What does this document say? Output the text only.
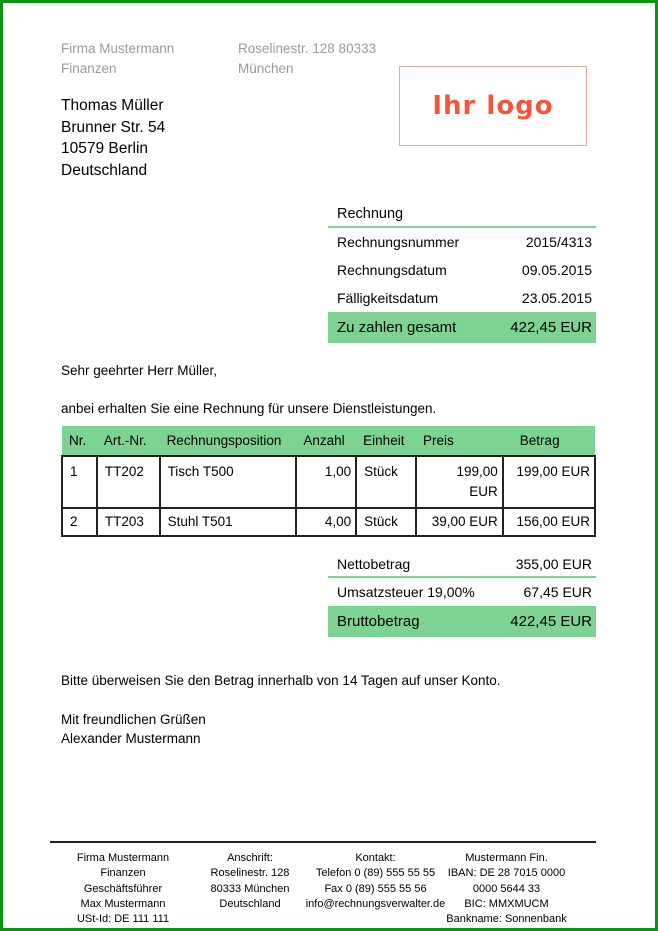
Firma Mustermann
Finanzen
Roselinestr. 128 80333
München
Ihr logo
Thomas Müller
Brunner Str. 54
10579 Berlin
Deutschland
Rechnung
Rechnungsnummer	2015/4313
Rechnungsdatum	09.05.2015
Fälligkeitsdatum	23.05.2015
Zu zahlen gesamt	422,45 EUR
Sehr geehrter Herr Müller,
anbei erhalten Sie eine Rechnung für unsere Dienstleistungen.
Nr.	Art.-Nr.	Rechnungsposition	Anzahl	Einheit	Preis	Betrag
1	TT202	Tisch T500	1,00	Stück	199,00 EUR	199,00 EUR
2	TT203	Stuhl T501	4,00	Stück	39,00 EUR	156,00 EUR
Nettobetrag	355,00 EUR
Umsatzsteuer 19,00%	67,45 EUR
Bruttobetrag	422,45 EUR
Bitte überweisen Sie den Betrag innerhalb von 14 Tagen auf unser Konto.
Mit freundlichen Grüßen
Alexander Mustermann
Firma Mustermann
Finanzen
Geschäftsführer
Max Mustermann
USt-Id: DE 111 111
Anschrift:
Roselinestr. 128
80333 München
Deutschland
Kontakt:
Telefon 0 (89) 555 55 55
Fax 0 (89) 555 55 56
info@rechnungsverwalter.de
Mustermann Fin.
IBAN: DE 28 7015 0000
0000 5644 33
BIC: MMXMUCM
Bankname: Sonnenbank
